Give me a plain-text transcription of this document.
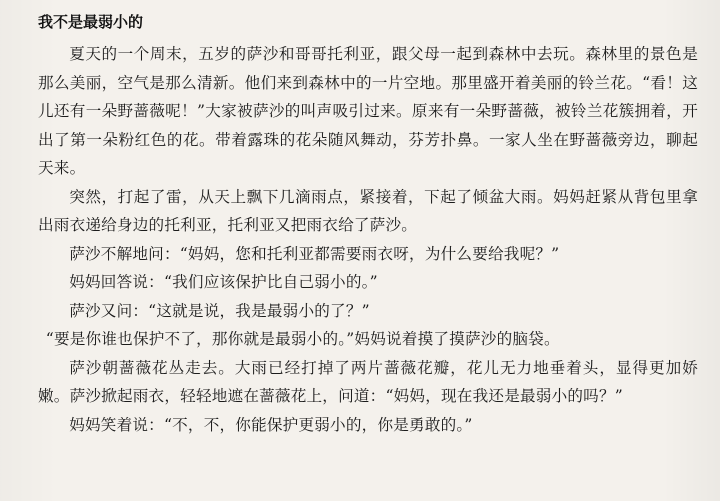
我不是最弱小的

夏天的一个周末，五岁的萨沙和哥哥托利亚，跟父母一起到森林中去玩。森林里的景色是那么美丽，空气是那么清新。他们来到森林中的一片空地。那里盛开着美丽的铃兰花。“看！这儿还有一朵野蔷薇呢！”大家被萨沙的叫声吸引过来。原来有一朵野蔷薇，被铃兰花簇拥着，开出了第一朵粉红色的花。带着露珠的花朵随风舞动，芬芳扑鼻。一家人坐在野蔷薇旁边，聊起天来。

突然，打起了雷，从天上飘下几滴雨点，紧接着，下起了倾盆大雨。妈妈赶紧从背包里拿出雨衣递给身边的托利亚，托利亚又把雨衣给了萨沙。

萨沙不解地问：“妈妈，您和托利亚都需要雨衣呀，为什么要给我呢？”

妈妈回答说：“我们应该保护比自己弱小的。”

萨沙又问：“这就是说，我是最弱小的了？”

“要是你谁也保护不了，那你就是最弱小的。”妈妈说着摸了摸萨沙的脑袋。

萨沙朝蔷薇花丛走去。大雨已经打掉了两片蔷薇花瓣，花儿无力地垂着头，显得更加娇嫩。萨沙掀起雨衣，轻轻地遮在蔷薇花上，问道：“妈妈，现在我还是最弱小的吗？”

妈妈笑着说：“不，不，你能保护更弱小的，你是勇敢的。”
